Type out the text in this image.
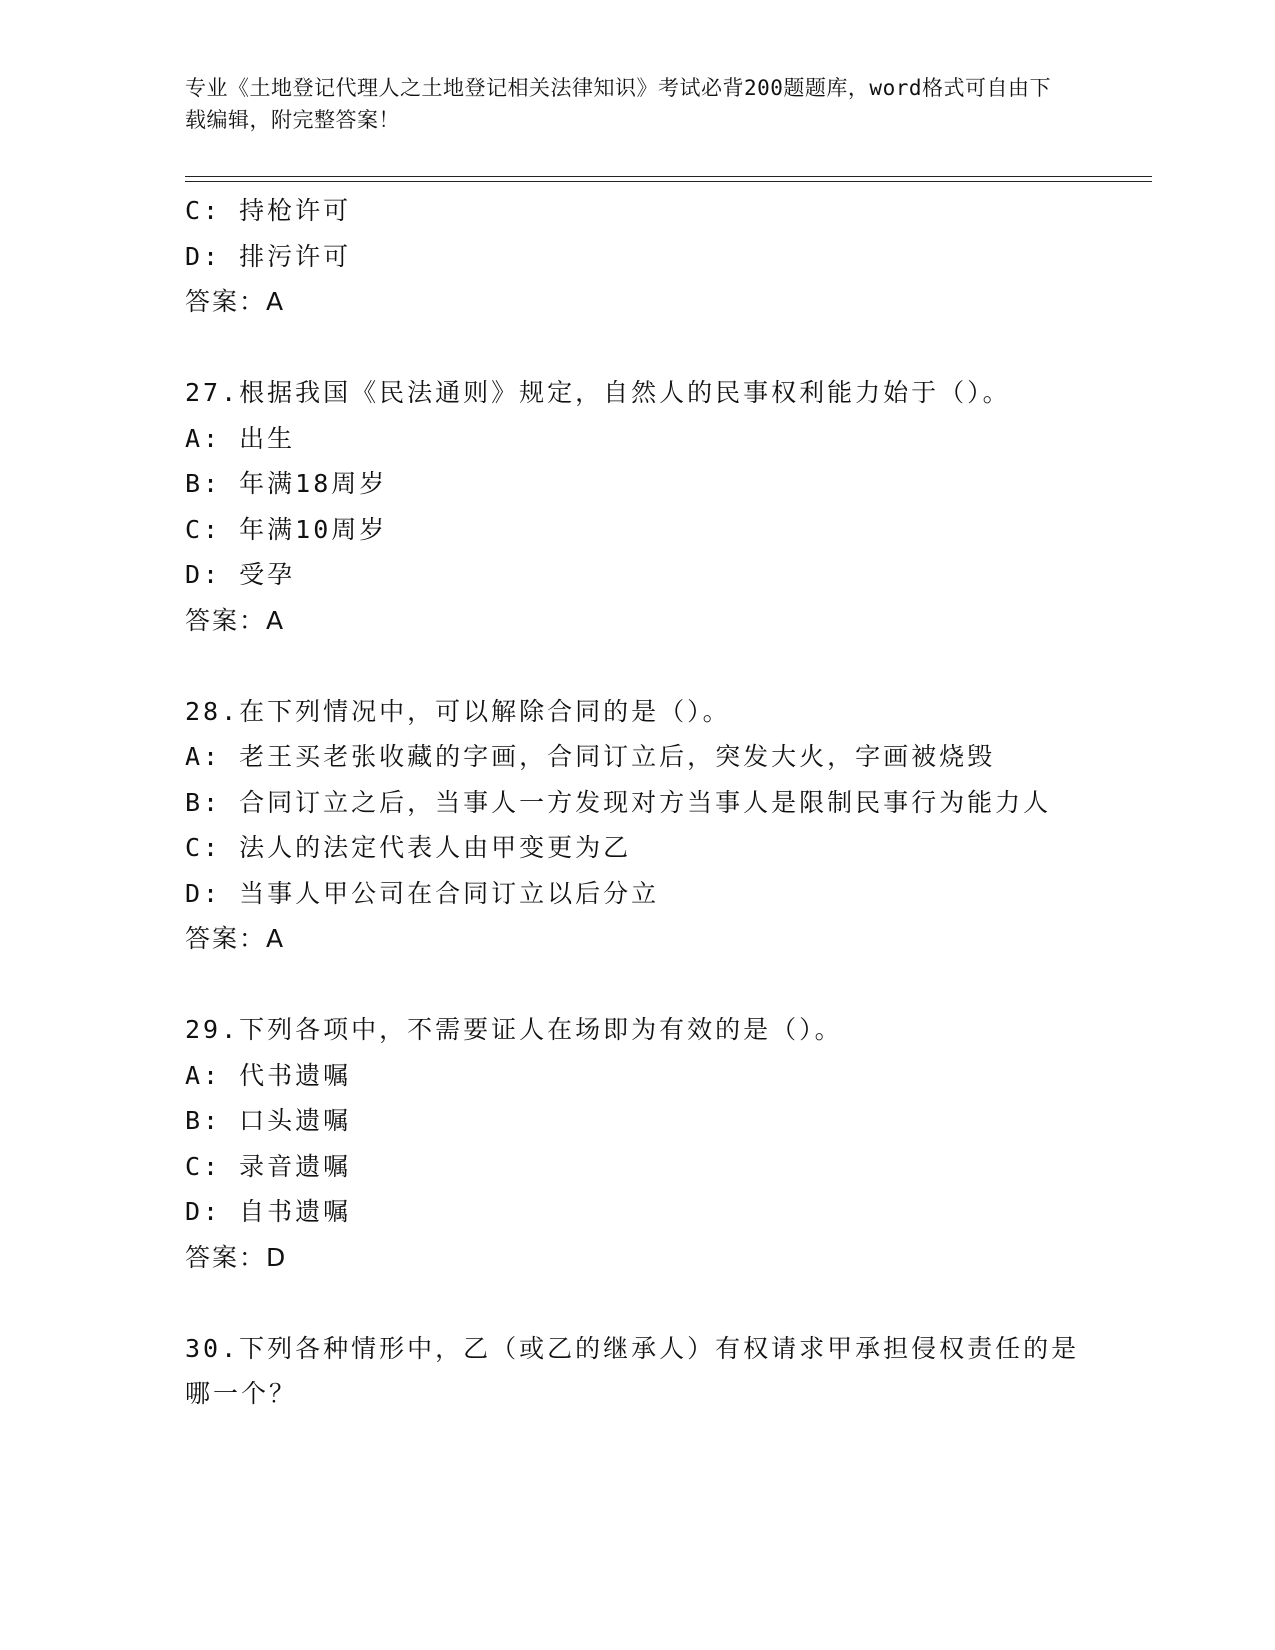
专业《土地登记代理人之土地登记相关法律知识》考试必背200题题库，word格式可自由下载编辑，附完整答案！
C: 持枪许可
D: 排污许可
答案：A
27.根据我国《民法通则》规定，自然人的民事权利能力始于（）。
A: 出生
B: 年满18周岁
C: 年满10周岁
D: 受孕
答案：A
28.在下列情况中，可以解除合同的是（）。
A: 老王买老张收藏的字画，合同订立后，突发大火，字画被烧毁
B: 合同订立之后，当事人一方发现对方当事人是限制民事行为能力人
C: 法人的法定代表人由甲变更为乙
D: 当事人甲公司在合同订立以后分立
答案：A
29.下列各项中，不需要证人在场即为有效的是（）。
A: 代书遗嘱
B: 口头遗嘱
C: 录音遗嘱
D: 自书遗嘱
答案：D
30.下列各种情形中，乙（或乙的继承人）有权请求甲承担侵权责任的是哪一个？
